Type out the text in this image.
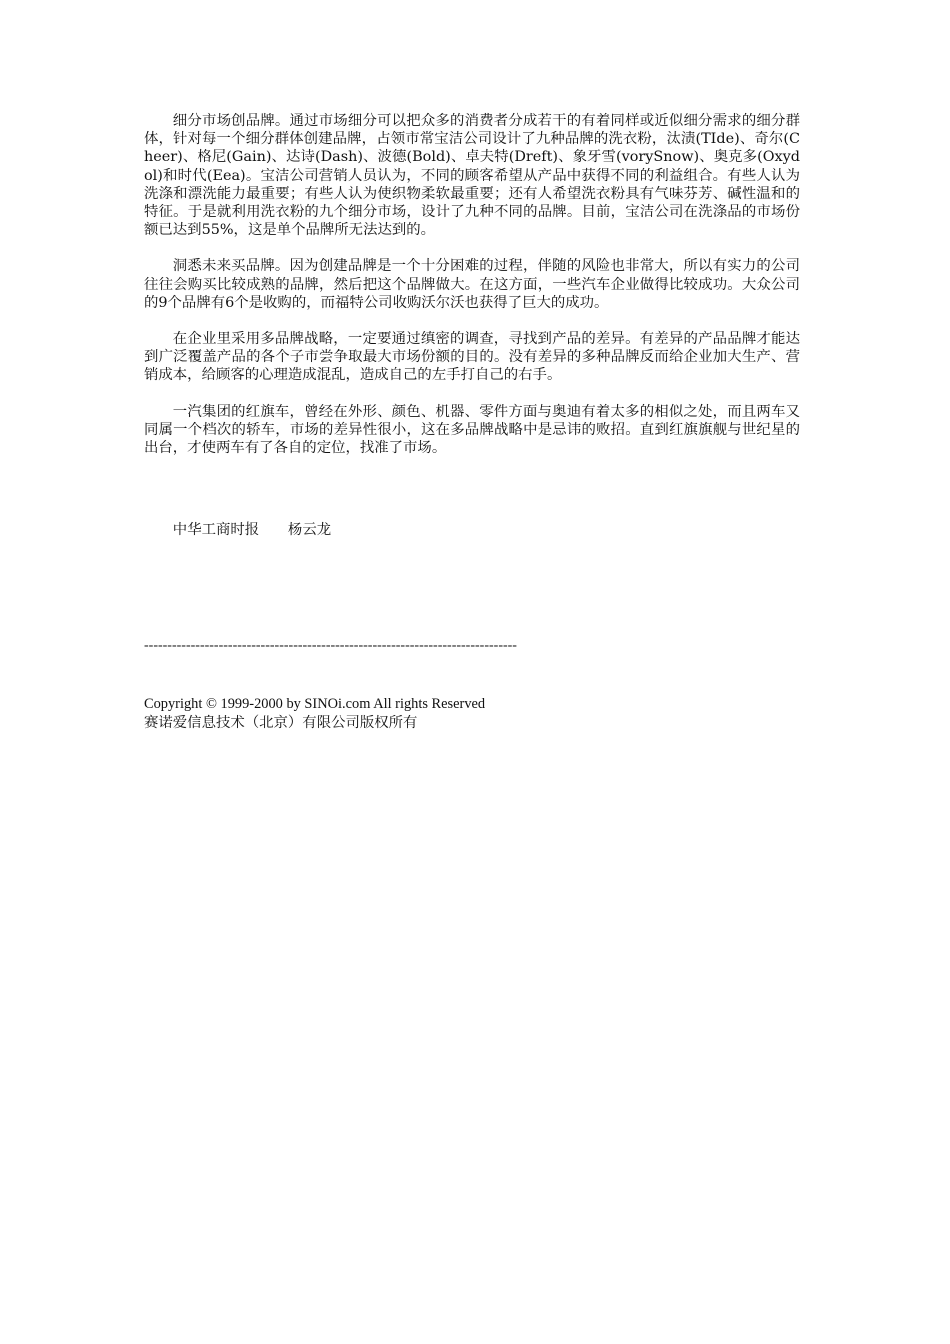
细分市场创品牌。通过市场细分可以把众多的消费者分成若干的有着同样或近似细分需求的细分群体，针对每一个细分群体创建品牌，占领市常宝洁公司设计了九种品牌的洗衣粉，汰渍(TIde)、奇尔(Cheer)、格尼(Gain)、达诗(Dash)、波德(Bold)、卓夫特(Dreft)、象牙雪(vorySnow)、奥克多(Oxydol)和时代(Eea)。宝洁公司营销人员认为，不同的顾客希望从产品中获得不同的利益组合。有些人认为洗涤和漂洗能力最重要；有些人认为使织物柔软最重要；还有人希望洗衣粉具有气味芬芳、碱性温和的特征。于是就利用洗衣粉的九个细分市场，设计了九种不同的品牌。目前，宝洁公司在洗涤品的市场份额已达到55%，这是单个品牌所无法达到的。

洞悉未来买品牌。因为创建品牌是一个十分困难的过程，伴随的风险也非常大，所以有实力的公司往往会购买比较成熟的品牌，然后把这个品牌做大。在这方面，一些汽车企业做得比较成功。大众公司的9个品牌有6个是收购的，而福特公司收购沃尔沃也获得了巨大的成功。

在企业里采用多品牌战略，一定要通过缜密的调查，寻找到产品的差异。有差异的产品品牌才能达到广泛覆盖产品的各个子市尝争取最大市场份额的目的。没有差异的多种品牌反而给企业加大生产、营销成本，给顾客的心理造成混乱，造成自己的左手打自己的右手。

一汽集团的红旗车，曾经在外形、颜色、机器、零件方面与奥迪有着太多的相似之处，而且两车又同属一个档次的轿车，市场的差异性很小，这在多品牌战略中是忌讳的败招。直到红旗旗舰与世纪星的出台，才使两车有了各自的定位，找准了市场。

中华工商时报　　杨云龙

--------------------------------------------------------------------------------

Copyright © 1999-2000 by SINOi.com All rights Reserved

赛诺爱信息技术（北京）有限公司版权所有
